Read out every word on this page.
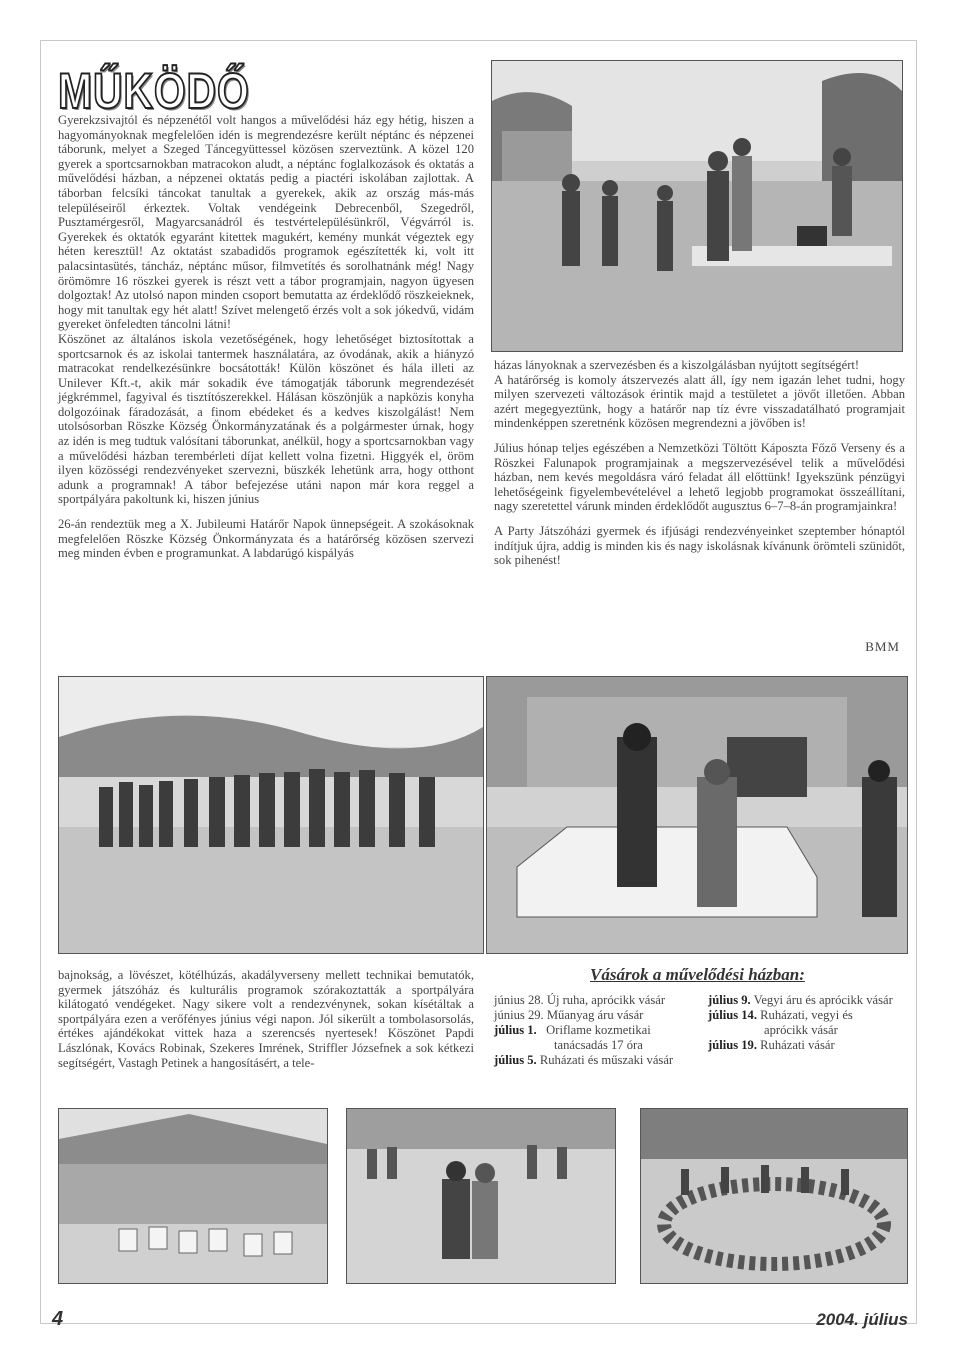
MŰKÖDŐ

Gyerekzsivajtól és népzenétől volt hangos a művelődési ház egy hétig, hiszen a hagyományoknak megfelelően idén is megrendezésre került néptánc és népzenei táborunk, melyet a Szeged Táncegyüttessel közösen szerveztünk. A közel 120 gyerek a sportcsarnokban matracokon aludt, a néptánc foglalkozások és oktatás a művelődési házban, a népzenei oktatás pedig a piactéri iskolában zajlottak. A táborban felcsíki táncokat tanultak a gyerekek, akik az ország más-más településeiről érkeztek. Voltak vendégeink Debrecenből, Szegedről, Pusztamérgesről, Magyarcsanádról és testvértelepülésünkről, Végvárról is. Gyerekek és oktatók egyaránt kitettek magukért, kemény munkát végeztek egy héten keresztül! Az oktatást szabadidős programok egészítették ki, volt itt palacsintasütés, táncház, néptánc műsor, filmvetítés és sorolhatnánk még! Nagy örömömre 16 röszkei gyerek is részt vett a tábor programjain, nagyon ügyesen dolgoztak! Az utolsó napon minden csoport bemutatta az érdeklődő röszkeieknek, hogy mit tanultak egy hét alatt! Szívet melengető érzés volt a sok jókedvű, vidám gyereket önfeledten táncolni látni!

Köszönet az általános iskola vezetőségének, hogy lehetőséget biztosítottak a sportcsarnok és az iskolai tantermek használatára, az óvodának, akik a hiányzó matracokat rendelkezésünkre bocsátották! Külön köszönet és hála illeti az Unilever Kft.-t, akik már sokadik éve támogatják táborunk megrendezését jégkrémmel, fagyival és tisztítószerekkel. Hálásan köszönjük a napközis konyha dolgozóinak fáradozását, a finom ebédeket és a kedves kiszolgálást! Nem utolsósorban Röszke Község Önkormányzatának és a polgármester úrnak, hogy az idén is meg tudtuk valósítani táborunkat, anélkül, hogy a sportcsarnokban vagy a művelődési házban terembérleti díjat kellett volna fizetni. Higgyék el, öröm ilyen közösségi rendezvényeket szervezni, büszkék lehetünk arra, hogy otthont adunk a programnak! A tábor befejezése utáni napon már kora reggel a sportpályára pakoltunk ki, hiszen június

26-án rendeztük meg a X. Jubileumi Határőr Napok ünnepségeit. A szokásoknak megfelelően Röszke Község Önkormányzata és a határőrség közösen szervezi meg minden évben e programunkat. A labdarúgó kispályás

házas lányoknak a szervezésben és a kiszolgálásban nyújtott segítségért!

A határőrség is komoly átszervezés alatt áll, így nem igazán lehet tudni, hogy milyen szervezeti változások érintik majd a testületet a jövőt illetően. Abban azért megegyeztünk, hogy a határőr nap tíz évre visszadatálható programjait mindenképpen szeretnénk közösen megrendezni a jövőben is!

Július hónap teljes egészében a Nemzetközi Töltött Káposzta Főző Verseny és a Röszkei Falunapok programjainak a megszervezésével telik a művelődési házban, nem kevés megoldásra váró feladat áll előttünk! Igyekszünk pénzügyi lehetőségeink figyelembevételével a lehető legjobb programokat összeállítani, nagy szeretettel várunk minden érdeklődőt augusztus 6–7–8-án programjainkra!

A Party Játszóházi gyermek és ifjúsági rendezvényeinket szeptember hónaptól indítjuk újra, addig is minden kis és nagy iskolásnak kívánunk örömteli szünidőt, sok pihenést!

BMM

bajnokság, a lövészet, kötélhúzás, akadályverseny mellett technikai bemutatók, gyermek játszóház és kulturális programok szórakoztatták a sportpályára kilátogató vendégeket. Nagy sikere volt a rendezvénynek, sokan kísétáltak a sportpályára ezen a verőfényes június végi napon. Jól sikerült a tombolasorsolás, értékes ajándékokat vittek haza a szerencsés nyertesek! Köszönet Papdi Lászlónak, Kovács Robinak, Szekeres Imrének, Striffler Józsefnek a sok kétkezi segítségért, Vastagh Petinek a hangosításért, a tele-

Vásárok a művelődési házban:
június 28. Új ruha, aprócikk vásár
június 29. Műanyag áru vásár
július 1. Oriflame kozmetikai
tanácsadás 17 óra
július 5. Ruházati és műszaki vásár
július 9. Vegyi áru és aprócikk vásár
július 14. Ruházati, vegyi és
aprócikk vásár
július 19. Ruházati vásár
4	2004. július
